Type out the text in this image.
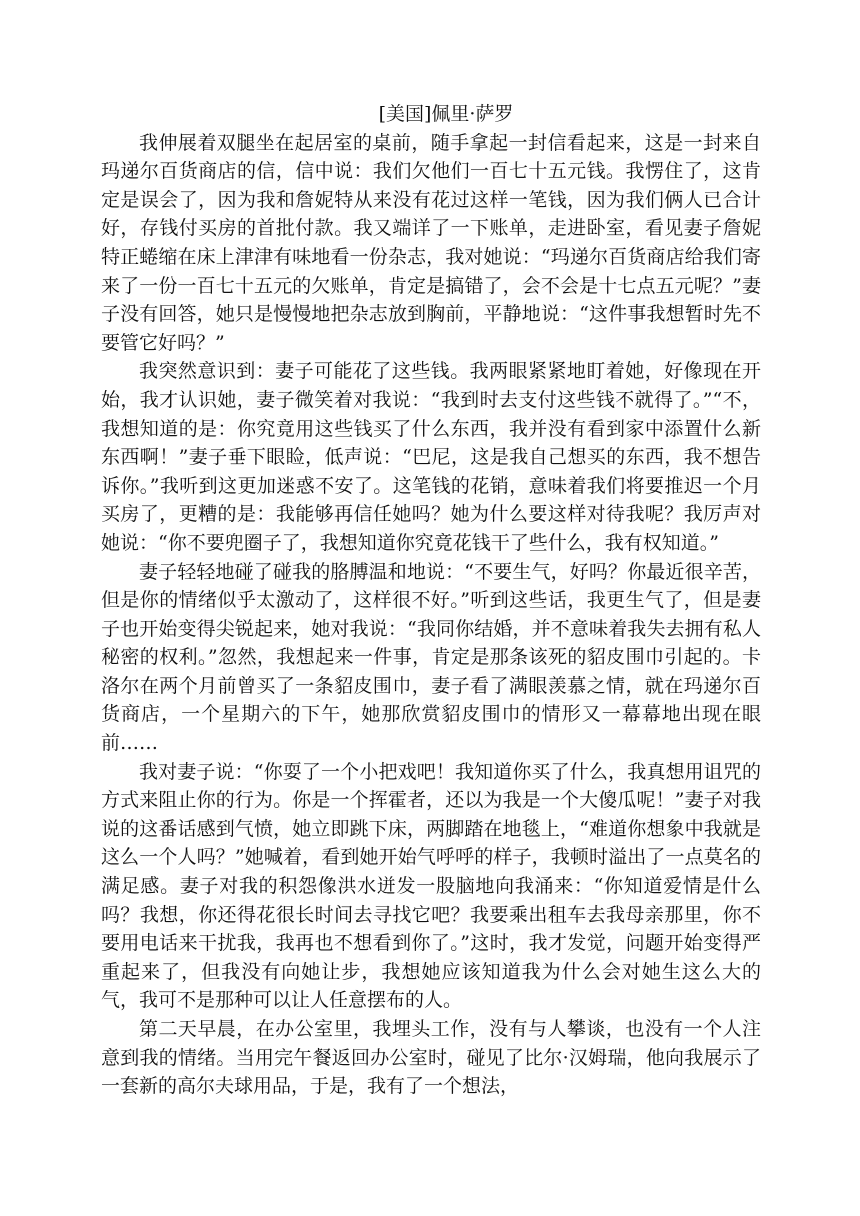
[美国]佩里·萨罗

我伸展着双腿坐在起居室的桌前，随手拿起一封信看起来，这是一封来自玛递尔百货商店的信，信中说：我们欠他们一百七十五元钱。我愣住了，这肯定是误会了，因为我和詹妮特从来没有花过这样一笔钱，因为我们俩人已合计好，存钱付买房的首批付款。我又端详了一下账单，走进卧室，看见妻子詹妮特正蜷缩在床上津津有味地看一份杂志，我对她说：“玛递尔百货商店给我们寄来了一份一百七十五元的欠账单，肯定是搞错了，会不会是十七点五元呢？”妻子没有回答，她只是慢慢地把杂志放到胸前，平静地说：“这件事我想暂时先不要管它好吗？”

我突然意识到：妻子可能花了这些钱。我两眼紧紧地盯着她，好像现在开始，我才认识她，妻子微笑着对我说：“我到时去支付这些钱不就得了。”“不，我想知道的是：你究竟用这些钱买了什么东西，我并没有看到家中添置什么新东西啊！”妻子垂下眼睑，低声说：“巴尼，这是我自己想买的东西，我不想告诉你。”我听到这更加迷惑不安了。这笔钱的花销，意味着我们将要推迟一个月买房了，更糟的是：我能够再信任她吗？她为什么要这样对待我呢？我厉声对她说：“你不要兜圈子了，我想知道你究竟花钱干了些什么，我有权知道。”

妻子轻轻地碰了碰我的胳膊温和地说：“不要生气，好吗？你最近很辛苦，但是你的情绪似乎太激动了，这样很不好。”听到这些话，我更生气了，但是妻子也开始变得尖锐起来，她对我说：“我同你结婚，并不意味着我失去拥有私人秘密的权利。”忽然，我想起来一件事，肯定是那条该死的貂皮围巾引起的。卡洛尔在两个月前曾买了一条貂皮围巾，妻子看了满眼羡慕之情，就在玛递尔百货商店，一个星期六的下午，她那欣赏貂皮围巾的情形又一幕幕地出现在眼前……

我对妻子说：“你耍了一个小把戏吧！我知道你买了什么，我真想用诅咒的方式来阻止你的行为。你是一个挥霍者，还以为我是一个大傻瓜呢！”妻子对我说的这番话感到气愤，她立即跳下床，两脚踏在地毯上，“难道你想象中我就是这么一个人吗？”她喊着，看到她开始气呼呼的样子，我顿时溢出了一点莫名的满足感。妻子对我的积怨像洪水迸发一股脑地向我涌来：“你知道爱情是什么吗？我想，你还得花很长时间去寻找它吧？我要乘出租车去我母亲那里，你不要用电话来干扰我，我再也不想看到你了。”这时，我才发觉，问题开始变得严重起来了，但我没有向她让步，我想她应该知道我为什么会对她生这么大的气，我可不是那种可以让人任意摆布的人。

第二天早晨，在办公室里，我埋头工作，没有与人攀谈，也没有一个人注意到我的情绪。当用完午餐返回办公室时，碰见了比尔·汉姆瑞，他向我展示了一套新的高尔夫球用品，于是，我有了一个想法，
